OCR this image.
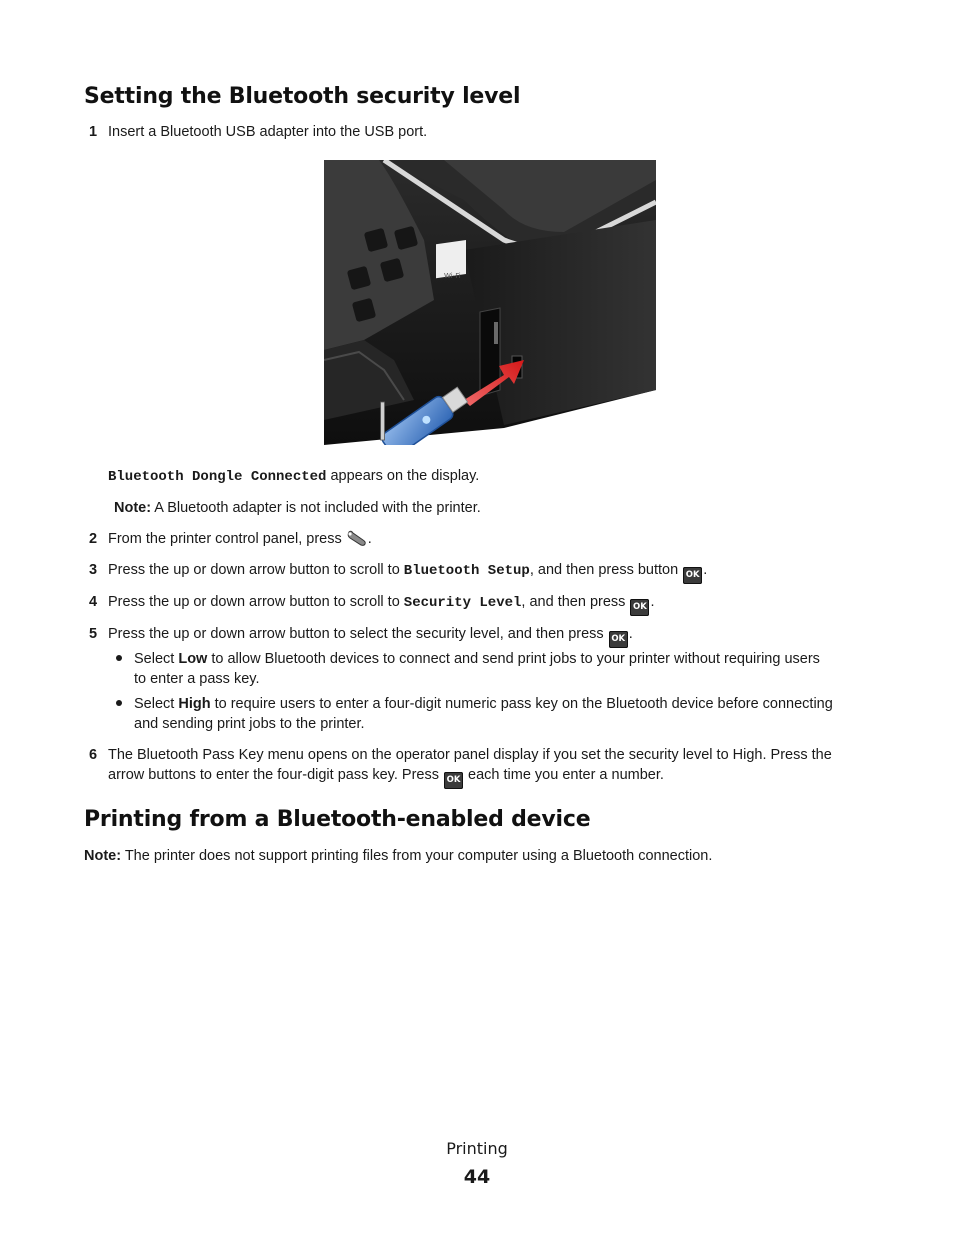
Setting the Bluetooth security level
1 Insert a Bluetooth USB adapter into the USB port.
Wi-Fi
Bluetooth Dongle Connected appears on the display.
Note: A Bluetooth adapter is not included with the printer.
2 From the printer control panel, press .
3 Press the up or down arrow button to scroll to Bluetooth Setup, and then press button OK .
4 Press the up or down arrow button to scroll to Security Level, and then press OK .
5 Press the up or down arrow button to select the security level, and then press OK .
Select Low to allow Bluetooth devices to connect and send print jobs to your printer without requiring users
to enter a pass key.
Select High to require users to enter a four-digit numeric pass key on the Bluetooth device before connecting
and sending print jobs to the printer.
6 The Bluetooth Pass Key menu opens on the operator panel display if you set the security level to High. Press the
arrow buttons to enter the four-digit pass key. Press OK each time you enter a number.
Printing from a Bluetooth-enabled device
Note: The printer does not support printing files from your computer using a Bluetooth connection.
Printing
44
